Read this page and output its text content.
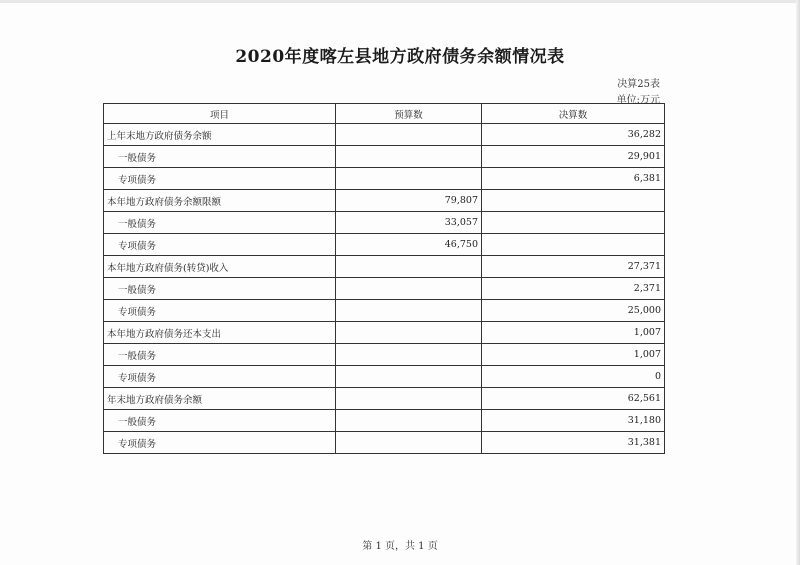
2020年度喀左县地方政府债务余额情况表
决算25表
单位:万元
项目	预算数	决算数
上年末地方政府债务余额		36,282
一般债务		29,901
专项债务		6,381
本年地方政府债务余额限额	79,807	
一般债务	33,057	
专项债务	46,750	
本年地方政府债务(转贷)收入		27,371
一般债务		2,371
专项债务		25,000
本年地方政府债务还本支出		1,007
一般债务		1,007
专项债务		0
年末地方政府债务余额		62,561
一般债务		31,180
专项债务		31,381
第 1 页，共 1 页
